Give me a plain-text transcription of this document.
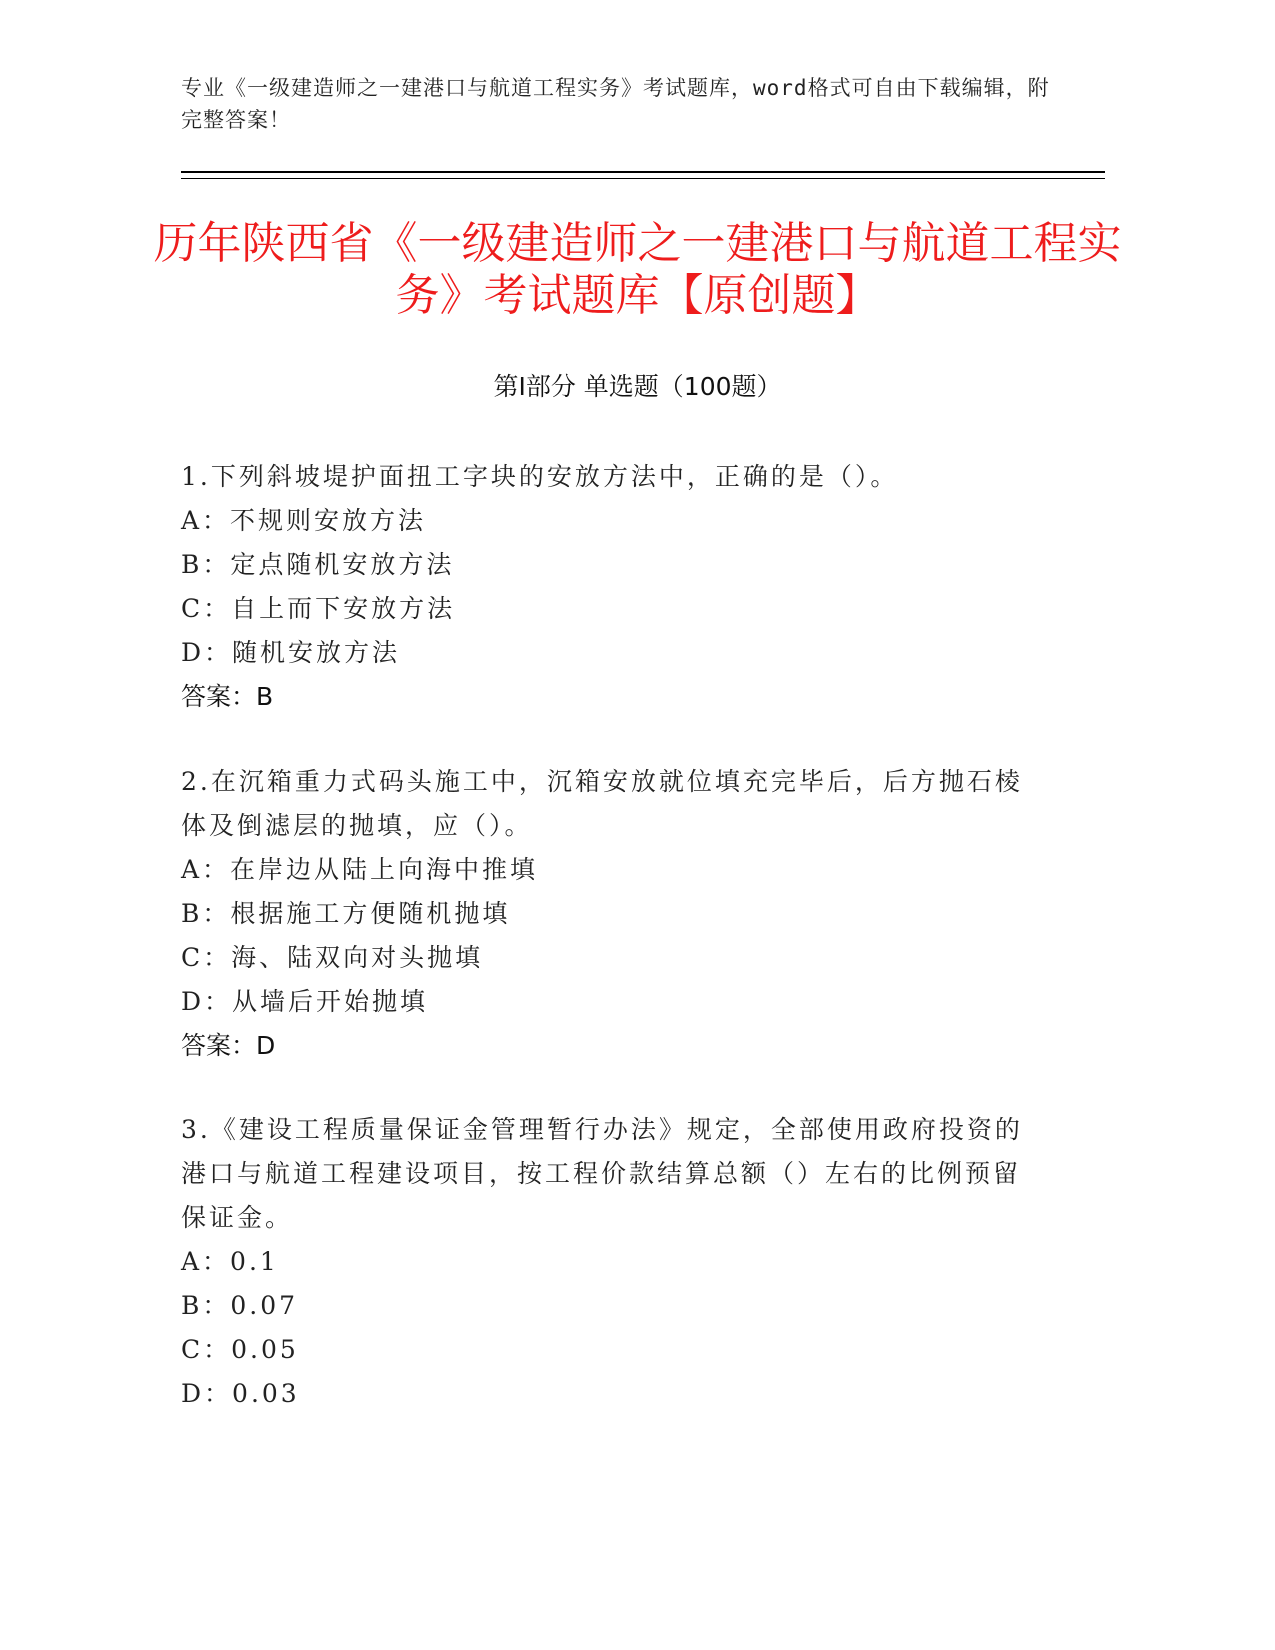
专业《一级建造师之一建港口与航道工程实务》考试题库，word格式可自由下载编辑，附完整答案！
历年陕西省《一级建造师之一建港口与航道工程实务》考试题库【原创题】
第Ⅰ部分 单选题（100题）

1.下列斜坡堤护面扭工字块的安放方法中，正确的是（）。

A：不规则安放方法

B：定点随机安放方法

C：自上而下安放方法

D：随机安放方法

答案：B

2.在沉箱重力式码头施工中，沉箱安放就位填充完毕后，后方抛石棱体及倒滤层的抛填，应（）。

A：在岸边从陆上向海中推填

B：根据施工方便随机抛填

C：海、陆双向对头抛填

D：从墙后开始抛填

答案：D

3.《建设工程质量保证金管理暂行办法》规定，全部使用政府投资的港口与航道工程建设项目，按工程价款结算总额（）左右的比例预留保证金。

A：0.1

B：0.07

C：0.05

D：0.03
